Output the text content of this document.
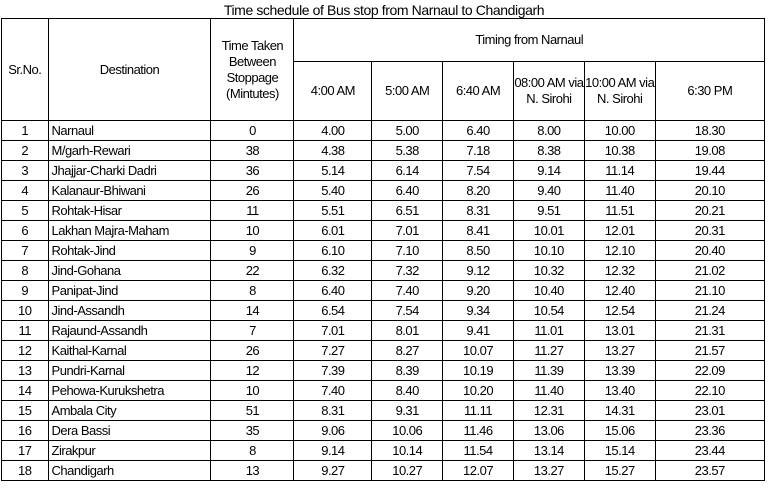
Time schedule of Bus stop from Narnaul to Chandigarh
Sr.No.	Destination	Time Taken Between Stoppage (Mintutes)	Timing from Narnaul					
			4:00 AM	5:00 AM	6:40 AM	08:00 AM via N. Sirohi	10:00 AM via N. Sirohi	6:30 PM
1	Narnaul	0	4.00	5.00	6.40	8.00	10.00	18.30
2	M/garh-Rewari	38	4.38	5.38	7.18	8.38	10.38	19.08
3	Jhajjar-Charki Dadri	36	5.14	6.14	7.54	9.14	11.14	19.44
4	Kalanaur-Bhiwani	26	5.40	6.40	8.20	9.40	11.40	20.10
5	Rohtak-Hisar	11	5.51	6.51	8.31	9.51	11.51	20.21
6	Lakhan Majra-Maham	10	6.01	7.01	8.41	10.01	12.01	20.31
7	Rohtak-Jind	9	6.10	7.10	8.50	10.10	12.10	20.40
8	Jind-Gohana	22	6.32	7.32	9.12	10.32	12.32	21.02
9	Panipat-Jind	8	6.40	7.40	9.20	10.40	12.40	21.10
10	Jind-Assandh	14	6.54	7.54	9.34	10.54	12.54	21.24
11	Rajaund-Assandh	7	7.01	8.01	9.41	11.01	13.01	21.31
12	Kaithal-Karnal	26	7.27	8.27	10.07	11.27	13.27	21.57
13	Pundri-Karnal	12	7.39	8.39	10.19	11.39	13.39	22.09
14	Pehowa-Kurukshetra	10	7.40	8.40	10.20	11.40	13.40	22.10
15	Ambala City	51	8.31	9.31	11.11	12.31	14.31	23.01
16	Dera Bassi	35	9.06	10.06	11.46	13.06	15.06	23.36
17	Zirakpur	8	9.14	10.14	11.54	13.14	15.14	23.44
18	Chandigarh	13	9.27	10.27	12.07	13.27	15.27	23.57
